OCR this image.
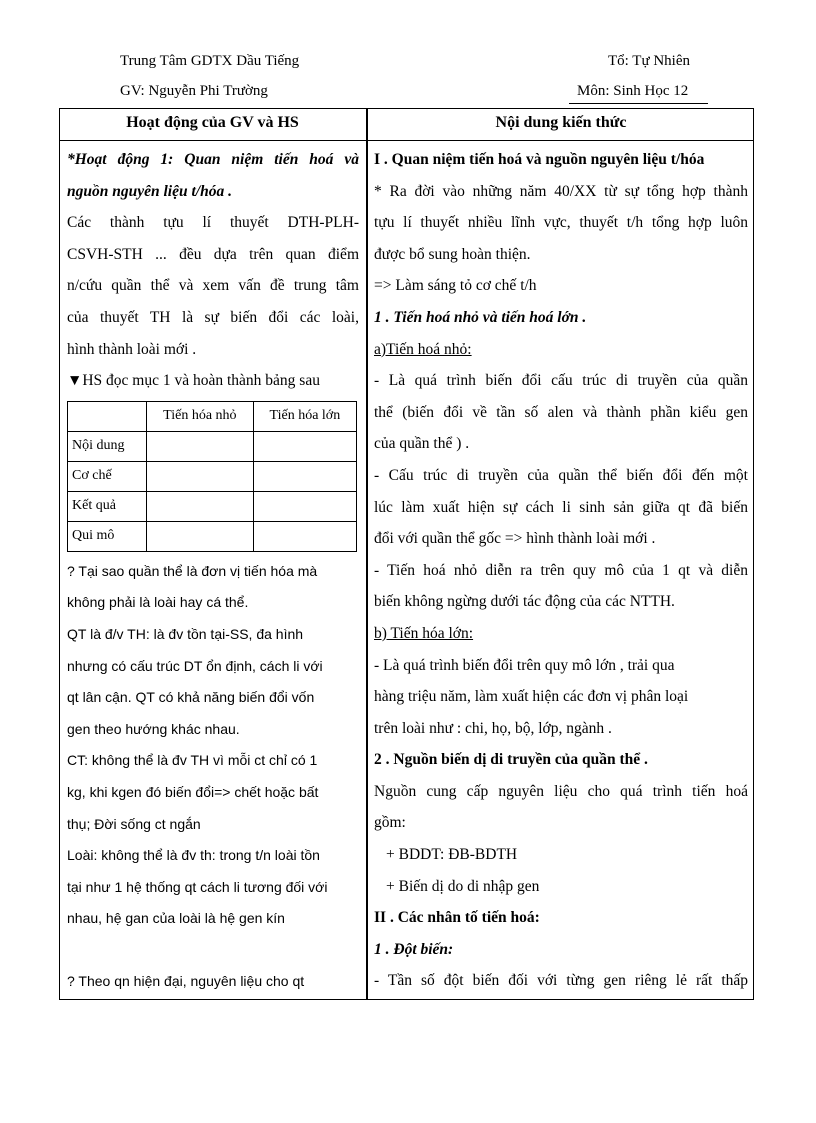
Trung Tâm GDTX Dầu Tiếng
GV: Nguyễn Phi Trường
Tổ: Tự Nhiên
Môn: Sinh Học 12
Hoạt động của GV và HS	Nội dung kiến thức
*Hoạt động 1: Quan niệm tiến hoá và
nguồn nguyên liệu t/hóa .
Các thành tựu lí thuyết DTH-PLH-
CSVH-STH ... đều dựa trên quan điểm
n/cứu quần thể và xem vấn đề trung tâm
của thuyết TH là sự biến đổi các loài,
hình thành loài mới .
▼HS đọc mục 1 và hoàn thành bảng sau
	Tiến hóa nhỏ	Tiến hóa lớn
Nội dung		
Cơ chế		
Kết quả		
Qui mô		
? Tại sao quần thể là đơn vị tiến hóa mà
không phải là loài hay cá thể.
QT là đ/v TH: là đv tồn tại-SS, đa hình
nhưng có cấu trúc DT ổn định, cách li với
qt lân cận. QT có khả năng biến đổi vốn
gen theo hướng khác nhau.
CT: không thể là đv TH vì mỗi ct chỉ có 1
kg, khi kgen đó biến đổi=> chết hoặc bất
thụ; Đời sống ct ngắn
Loài: không thể là đv th: trong t/n loài tồn
tại như 1 hệ thống qt cách li tương đối với
nhau, hệ gan của loài là hệ gen kín
? Theo qn hiện đại, nguyên liệu cho qt
I . Quan niệm tiến hoá và nguồn nguyên liệu t/hóa
* Ra đời vào những năm 40/XX từ sự tổng hợp thành
tựu lí thuyết nhiều lĩnh vực, thuyết t/h tổng hợp luôn
được bổ sung hoàn thiện.
=> Làm sáng tỏ cơ chế t/h
1 . Tiến hoá nhỏ và tiến hoá lớn .
a)Tiến hoá nhỏ:
- Là quá trình biến đổi cấu trúc di truyền của quần
thể (biến đổi về tần số alen và thành phần kiểu gen
của quần thể ) .
- Cấu trúc di truyền của quần thể biến đổi đến một
lúc làm xuất hiện sự cách li sinh sản giữa qt đã biến
đổi với quần thể gốc => hình thành loài mới .
- Tiến hoá nhỏ diễn ra trên quy mô của 1 qt và diễn
biến không ngừng dưới tác động của các NTTH.
b) Tiến hóa lớn:
- Là quá trình biến đổi trên quy mô lớn , trải qua
hàng triệu năm, làm xuất hiện các đơn vị phân loại
trên loài như : chi, họ, bộ, lớp, ngành .
2 . Nguồn biến dị di truyền của quần thể .
Nguồn cung cấp nguyên liệu cho quá trình tiến hoá
gồm:
+ BDDT: ĐB-BDTH
+ Biến dị do di nhập gen
II . Các nhân tố tiến hoá:
1 . Đột biến:
- Tần số đột biến đối với từng gen riêng lẻ rất thấp
